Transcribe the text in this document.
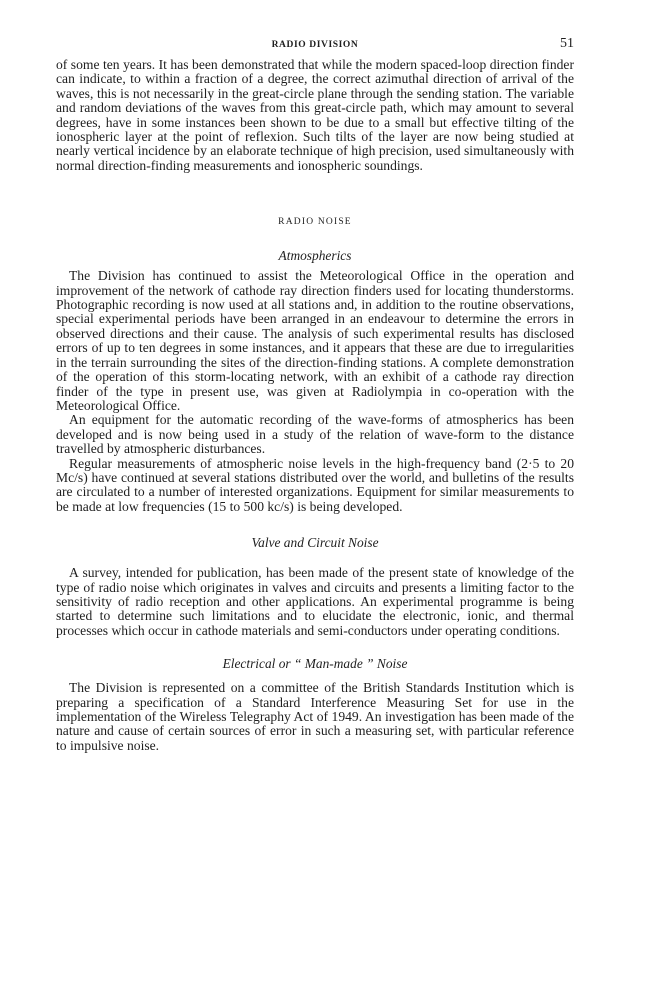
RADIO DIVISION	51

of some ten years. It has been demonstrated that while the modern spaced-loop direction finder can indicate, to within a fraction of a degree, the correct azimuthal direction of arrival of the waves, this is not necessarily in the great-circle plane through the sending station. The variable and random deviations of the waves from this great-circle path, which may amount to several degrees, have in some instances been shown to be due to a small but effective tilting of the ionospheric layer at the point of reflexion. Such tilts of the layer are now being studied at nearly vertical incidence by an elaborate technique of high precision, used simultaneously with normal direction-finding measurements and ionospheric soundings.

RADIO NOISE
Atmospherics

The Division has continued to assist the Meteorological Office in the operation and improvement of the network of cathode ray direction finders used for locating thunderstorms. Photographic recording is now used at all stations and, in addition to the routine observations, special experimental periods have been arranged in an endeavour to determine the errors in observed directions and their cause. The analysis of such experimental results has disclosed errors of up to ten degrees in some instances, and it appears that these are due to irregularities in the terrain surrounding the sites of the direction-finding stations. A complete demonstration of the operation of this storm-locating network, with an exhibit of a cathode ray direction finder of the type in present use, was given at Radiolympia in co-operation with the Meteorological Office.

An equipment for the automatic recording of the wave-forms of atmospherics has been developed and is now being used in a study of the relation of wave-form to the distance travelled by atmospheric disturbances.

Regular measurements of atmospheric noise levels in the high-frequency band (2·5 to 20 Mc/s) have continued at several stations distributed over the world, and bulletins of the results are circulated to a number of interested organizations. Equipment for similar measurements to be made at low frequencies (15 to 500 kc/s) is being developed.

Valve and Circuit Noise

A survey, intended for publication, has been made of the present state of knowledge of the type of radio noise which originates in valves and circuits and presents a limiting factor to the sensitivity of radio reception and other applications. An experimental programme is being started to determine such limitations and to elucidate the electronic, ionic, and thermal processes which occur in cathode materials and semi-conductors under operating conditions.

Electrical or “ Man-made ” Noise

The Division is represented on a committee of the British Standards Institution which is preparing a specification of a Standard Interference Measuring Set for use in the implementation of the Wireless Telegraphy Act of 1949. An investigation has been made of the nature and cause of certain sources of error in such a measuring set, with particular reference to impulsive noise.
